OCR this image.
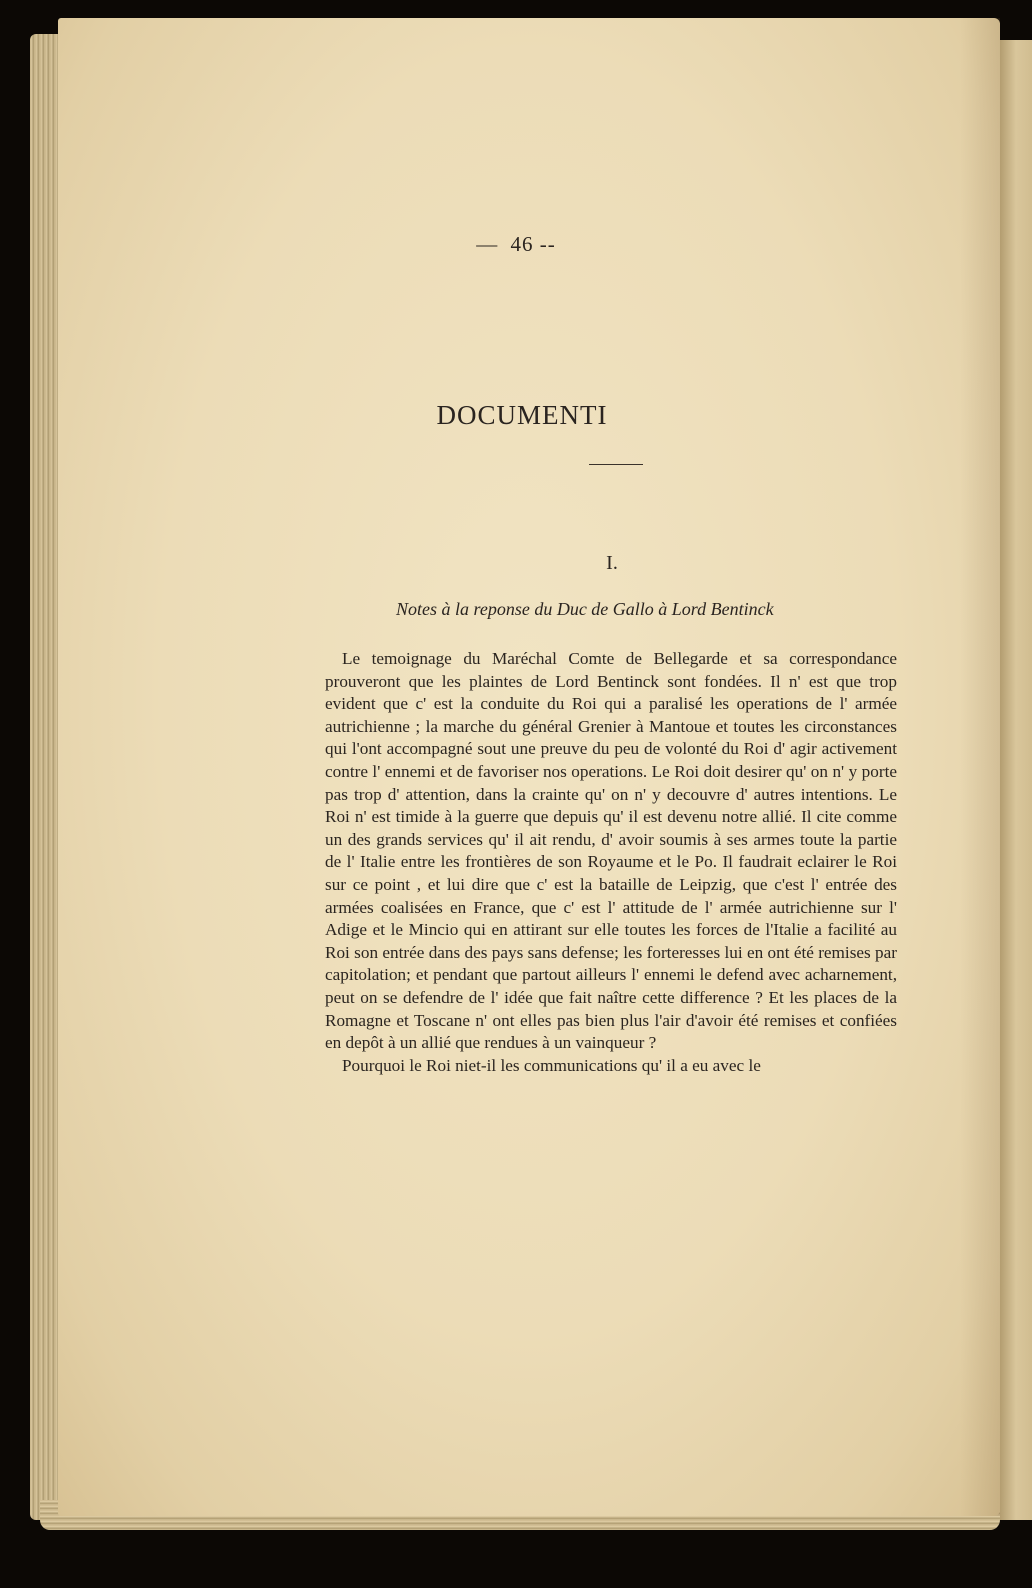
— 46 --
DOCUMENTI
I.
Notes à la reponse du Duc de Gallo à Lord Bentinck

Le temoignage du Maréchal Comte de Bellegarde et sa correspondance prouveront que les plaintes de Lord Bentinck sont fondées. Il n' est que trop evident que c' est la conduite du Roi qui a paralisé les operations de l' armée autrichienne ; la marche du général Grenier à Mantoue et toutes les circonstances qui l'ont accompagné sout une preuve du peu de volonté du Roi d' agir activement contre l' ennemi et de favoriser nos operations. Le Roi doit desirer qu' on n' y porte pas trop d' attention, dans la crainte qu' on n' y decouvre d' autres intentions. Le Roi n' est timide à la guerre que depuis qu' il est devenu notre allié. Il cite comme un des grands services qu' il ait rendu, d' avoir soumis à ses armes toute la partie de l' Italie entre les frontières de son Royaume et le Po. Il faudrait eclairer le Roi sur ce point , et lui dire que c' est la bataille de Leipzig, que c'est l' entrée des armées coalisées en France, que c' est l' attitude de l' armée autrichienne sur l' Adige et le Mincio qui en attirant sur elle toutes les forces de l'Italie a facilité au Roi son entrée dans des pays sans defense; les forteresses lui en ont été remises par capitolation; et pendant que partout ailleurs l' ennemi le defend avec acharnement, peut on se defendre de l' idée que fait naître cette difference ? Et les places de la Romagne et Toscane n' ont elles pas bien plus l'air d'avoir été remises et confiées en depôt à un allié que rendues à un vainqueur ?

Pourquoi le Roi niet-il les communications qu' il a eu avec le
